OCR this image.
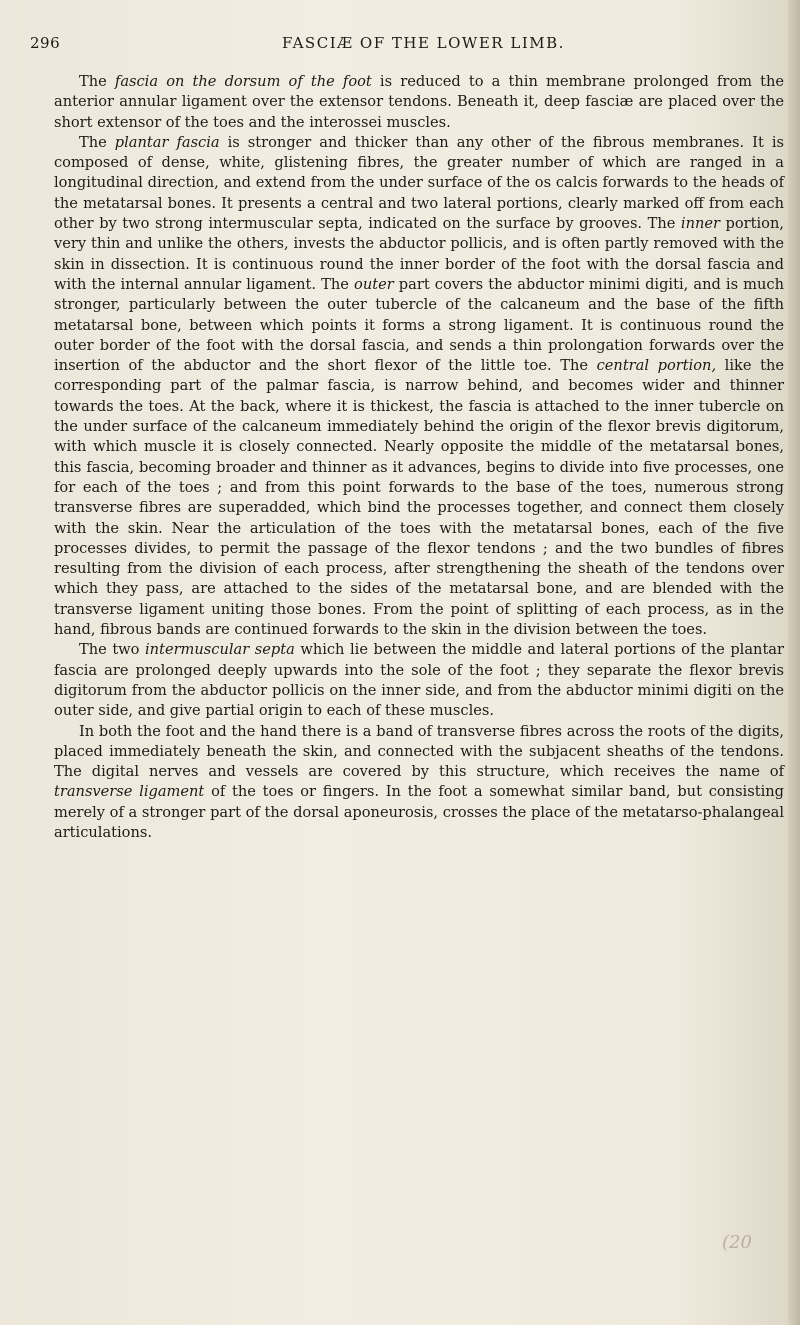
296	FASCIÆ OF THE LOWER LIMB.

The fascia on the dorsum of the foot is reduced to a thin membrane prolonged from the anterior annular ligament over the extensor tendons. Beneath it, deep fasciæ are placed over the short extensor of the toes and the interossei muscles.

The plantar fascia is stronger and thicker than any other of the fibrous membranes. It is composed of dense, white, glistening fibres, the greater number of which are ranged in a longitudinal direction, and extend from the under surface of the os calcis forwards to the heads of the metatarsal bones. It presents a central and two lateral portions, clearly marked off from each other by two strong intermuscular septa, indicated on the surface by grooves. The inner portion, very thin and unlike the others, invests the abductor pollicis, and is often partly removed with the skin in dissection. It is continuous round the inner border of the foot with the dorsal fascia and with the internal annular ligament. The outer part covers the abductor minimi digiti, and is much stronger, particularly between the outer tubercle of the calcaneum and the base of the fifth metatarsal bone, between which points it forms a strong ligament. It is continuous round the outer border of the foot with the dorsal fascia, and sends a thin prolongation forwards over the insertion of the abductor and the short flexor of the little toe. The central portion, like the corresponding part of the palmar fascia, is narrow behind, and becomes wider and thinner towards the toes. At the back, where it is thickest, the fascia is attached to the inner tubercle on the under surface of the calcaneum immediately behind the origin of the flexor brevis digitorum, with which muscle it is closely connected. Nearly opposite the middle of the metatarsal bones, this fascia, becoming broader and thinner as it advances, begins to divide into five processes, one for each of the toes ; and from this point forwards to the base of the toes, numerous strong transverse fibres are superadded, which bind the processes together, and connect them closely with the skin. Near the articulation of the toes with the metatarsal bones, each of the five processes divides, to permit the passage of the flexor tendons ; and the two bundles of fibres resulting from the division of each process, after strengthening the sheath of the tendons over which they pass, are attached to the sides of the metatarsal bone, and are blended with the transverse ligament uniting those bones. From the point of splitting of each process, as in the hand, fibrous bands are continued forwards to the skin in the division between the toes.

The two intermuscular septa which lie between the middle and lateral portions of the plantar fascia are prolonged deeply upwards into the sole of the foot ; they separate the flexor brevis digitorum from the abductor pollicis on the inner side, and from the abductor minimi digiti on the outer side, and give partial origin to each of these muscles.

In both the foot and the hand there is a band of transverse fibres across the roots of the digits, placed immediately beneath the skin, and connected with the subjacent sheaths of the tendons. The digital nerves and vessels are covered by this structure, which receives the name of transverse ligament of the toes or fingers. In the foot a somewhat similar band, but consisting merely of a stronger part of the dorsal aponeurosis, crosses the place of the metatarso-phalangeal articulations.

(20
